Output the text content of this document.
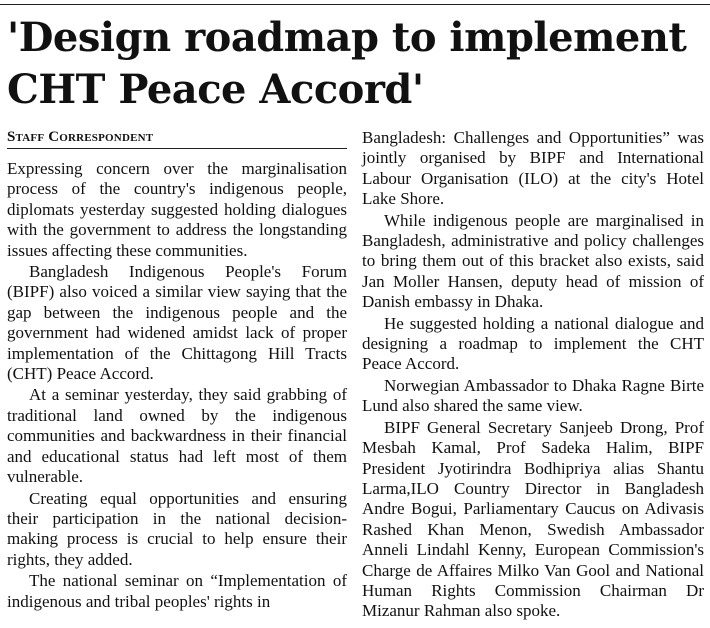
'Design roadmap to implement
CHT Peace Accord'
Staff Correspondent

Expressing concern over the marginalisation process of the country's indigenous people, diplomats yesterday suggested holding dialogues with the government to address the longstanding issues affecting these communities.

Bangladesh Indigenous People's Forum (BIPF) also voiced a similar view saying that the gap between the indigenous people and the government had widened amidst lack of proper implementation of the Chittagong Hill Tracts (CHT) Peace Accord.

At a seminar yesterday, they said grabbing of traditional land owned by the indigenous communities and backwardness in their financial and educational status had left most of them vulnerable.

Creating equal opportunities and ensuring their participation in the national decision-making process is crucial to help ensure their rights, they added.

The national seminar on “Implementation of indigenous and tribal peoples' rights in

Bangladesh: Challenges and Opportunities” was jointly organised by BIPF and International Labour Organisation (ILO) at the city's Hotel Lake Shore.

While indigenous people are marginalised in Bangladesh, administrative and policy challenges to bring them out of this bracket also exists, said Jan Moller Hansen, deputy head of mission of Danish embassy in Dhaka.

He suggested holding a national dialogue and designing a roadmap to implement the CHT Peace Accord.

Norwegian Ambassador to Dhaka Ragne Birte Lund also shared the same view.

BIPF General Secretary Sanjeeb Drong, Prof Mesbah Kamal, Prof Sadeka Halim, BIPF President Jyotirindra Bodhipriya alias Shantu Larma,ILO Country Director in Bangladesh Andre Bogui, Parliamentary Caucus on Adivasis Rashed Khan Menon, Swedish Ambassador Anneli Lindahl Kenny, European Commission's Charge de Affaires Milko Van Gool and National Human Rights Commission Chairman Dr Mizanur Rahman also spoke.
